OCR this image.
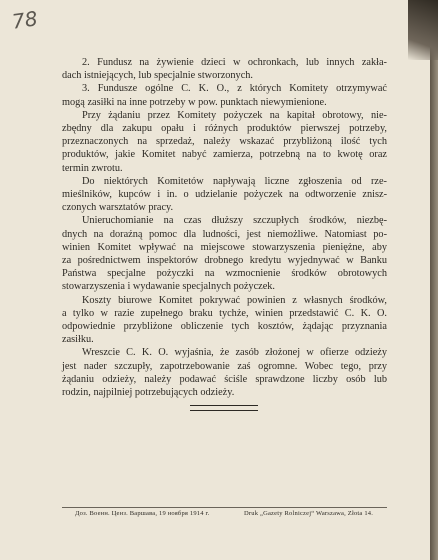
78
2. Fundusz na żywienie dzieci w ochronkach, lub innych zakła-
dach istniejących, lub specjalnie stworzonych.
3. Fundusze ogólne C. K. O., z których Komitety otrzymywać
mogą zasiłki na inne potrzeby w pow. punktach niewymienione.
Przy żądaniu przez Komitety pożyczek na kapitał obrotowy, nie-
zbędny dla zakupu opału i różnych produktów pierwszej potrzeby,
przeznaczonych na sprzedaż, należy wskazać przybliżoną ilość tych
produktów, jakie Komitet nabyć zamierza, potrzebną na to kwotę oraz
termin zwrotu.
Do niektórych Komitetów napływają liczne zgłoszenia od rze-
mieślników, kupców i in. o udzielanie pożyczek na odtworzenie znisz-
czonych warsztatów pracy.
Unieruchomianie na czas dłuższy szczupłych środków, niezbę-
dnych na doraźną pomoc dla ludności, jest niemożliwe. Natomiast po-
winien Komitet wpływać na miejscowe stowarzyszenia pieniężne, aby
za pośrednictwem inspektorów drobnego kredytu wyjednywać w Banku
Państwa specjalne pożyczki na wzmocnienie środków obrotowych
stowarzyszenia i wydawanie specjalnych pożyczek.
Koszty biurowe Komitet pokrywać powinien z własnych środków,
a tylko w razie zupełnego braku tychże, winien przedstawić C. K. O.
odpowiednie przybliżone obliczenie tych kosztów, żądając przyznania
zasiłku.
Wreszcie C. K. O. wyjaśnia, że zasób złożonej w ofierze odzieży
jest nader szczupły, zapotrzebowanie zaś ogromne. Wobec tego, przy
żądaniu odzieży, należy podawać ściśle sprawdzone liczby osób lub
rodzin, najpilniej potrzebujących odzieży.
Доз. Военн. Ценз. Варшава, 19 ноября 1914 г.	Druk „Gazety Rolniczej“ Warszawa, Złota 14.
